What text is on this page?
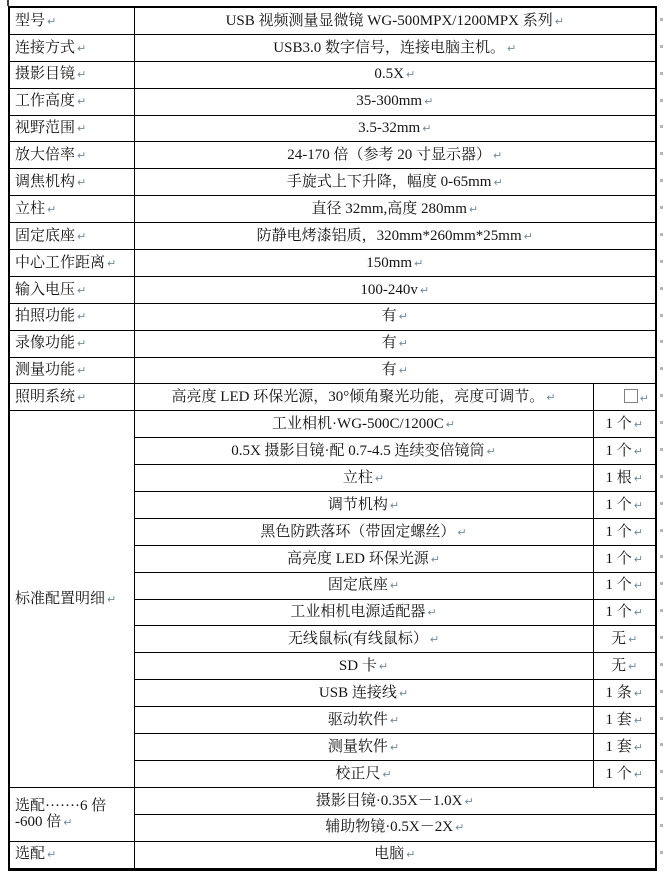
型号 ↵	USB 视频测量显微镜 WG-500MPX/1200MPX 系列 ↵	
连接方式 ↵	USB3.0 数字信号，连接电脑主机。 ↵	
摄影目镜 ↵	0.5X ↵	
工作高度 ↵	35-300mm ↵	
视野范围 ↵	3.5-32mm ↵	
放大倍率 ↵	24-170 倍（参考 20 寸显示器） ↵	
调焦机构 ↵	手旋式上下升降，幅度 0-65mm ↵	
立柱 ↵	直径 32mm,高度 280mm ↵	
固定底座 ↵	防静电烤漆铝质，320mm*260mm*25mm ↵	
中心工作距离 ↵	150mm ↵	
输入电压 ↵	100-240v ↵	
拍照功能 ↵	有 ↵	
录像功能 ↵	有 ↵	
测量功能 ↵	有 ↵	
照明系统 ↵	高亮度 LED 环保光源，30°倾角聚光功能，亮度可调节。 ↵	↵
标准配置明细 ↵	工业相机·WG-500C/1200C ↵	1 个 ↵
	0.5X 摄影目镜·配 0.7-4.5 连续变倍镜筒 ↵	1 个 ↵
	立柱 ↵	1 根 ↵
	调节机构 ↵	1 个 ↵
	黑色防跌落环（带固定螺丝） ↵	1 个 ↵
	高亮度 LED 环保光源 ↵	1 个 ↵
	固定底座 ↵	1 个 ↵
	工业相机电源适配器 ↵	1 个 ↵
	无线鼠标(有线鼠标） ↵	无 ↵
	SD 卡 ↵	无 ↵
	USB 连接线 ↵	1 条 ↵
	驱动软件 ↵	1 套 ↵
	测量软件 ↵	1 套 ↵
	校正尺 ↵	1 个 ↵

选配·······6 倍
-600 倍 ↵	摄影目镜·0.35X－1.0X ↵	
	辅助物镜·0.5X－2X ↵	
选配 ↵	电脑 ↵	
